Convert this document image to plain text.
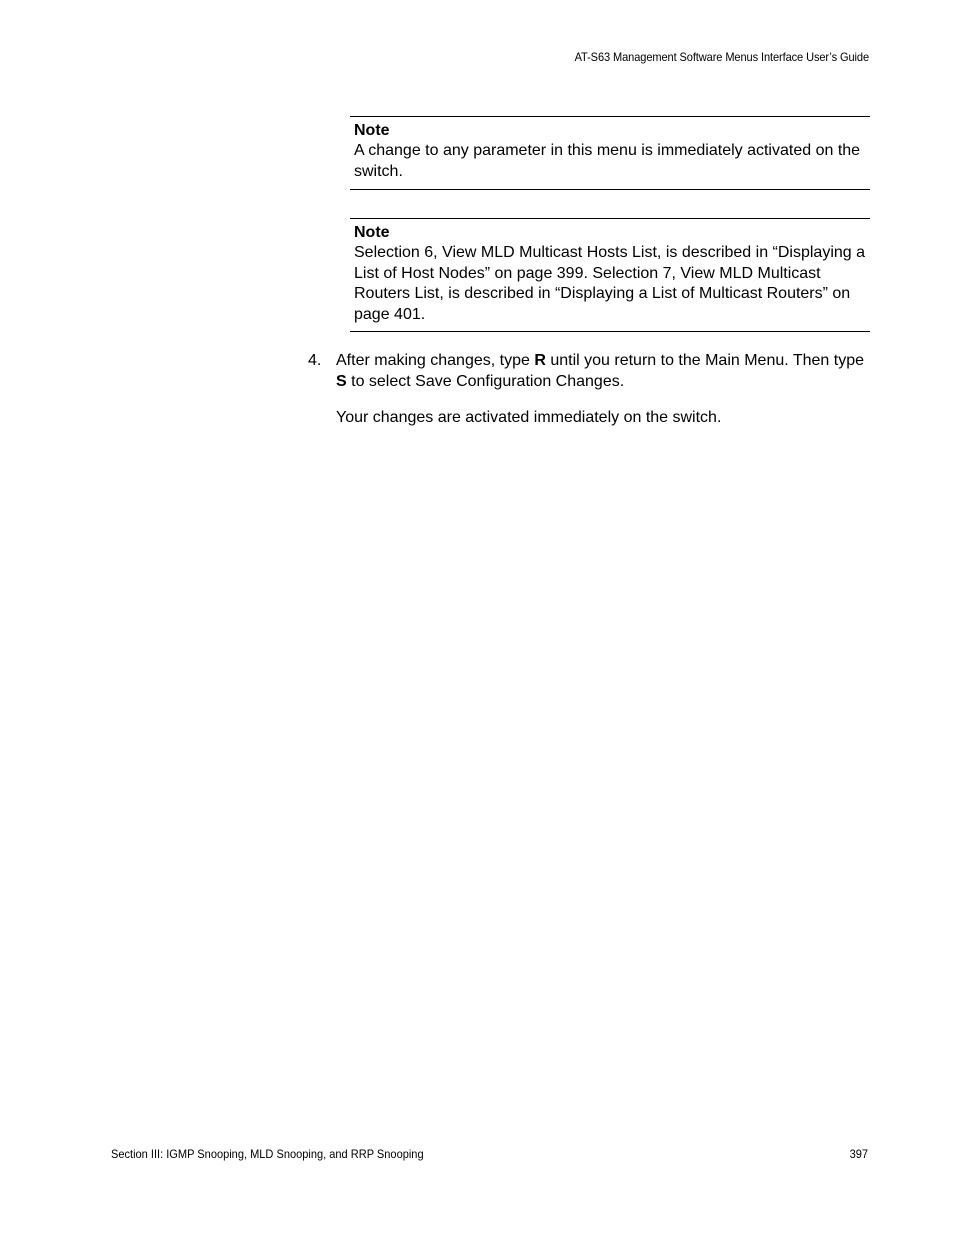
AT-S63 Management Software Menus Interface User’s Guide
Note
A change to any parameter in this menu is immediately activated on the switch.
Note
Selection 6, View MLD Multicast Hosts List, is described in “Displaying a List of Host Nodes” on page 399. Selection 7, View MLD Multicast Routers List, is described in “Displaying a List of Multicast Routers” on page 401.
4. After making changes, type R until you return to the Main Menu. Then type S to select Save Configuration Changes.
Your changes are activated immediately on the switch.
Section III: IGMP Snooping, MLD Snooping, and RRP Snooping	397
